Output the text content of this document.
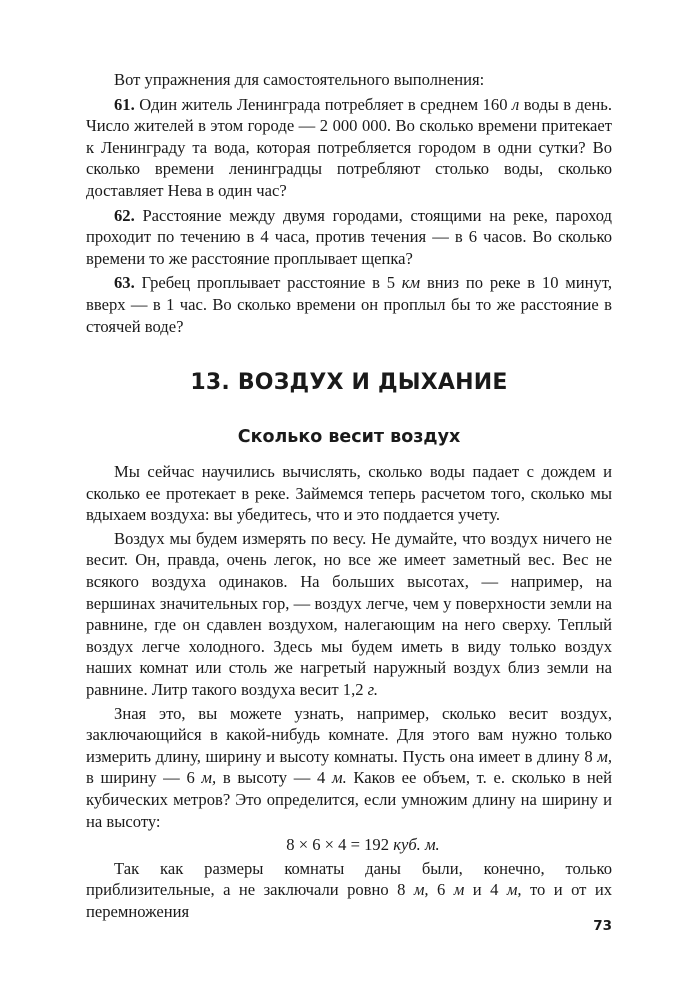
Вот упражнения для самостоятельного выполнения:

61. Один житель Ленинграда потребляет в среднем 160 л воды в день. Число жителей в этом городе — 2 000 000. Во сколько времени притекает к Ленинграду та вода, которая потребляется городом в одни сутки? Во сколько времени ленинградцы потребляют столько воды, сколько доставляет Нева в один час?

62. Расстояние между двумя городами, стоящими на реке, пароход проходит по течению в 4 часа, против течения — в 6 часов. Во сколько времени то же расстояние проплывает щепка?

63. Гребец проплывает расстояние в 5 км вниз по реке в 10 минут, вверх — в 1 час. Во сколько времени он проплыл бы то же расстояние в стоячей воде?

13. ВОЗДУХ И ДЫХАНИЕ
Сколько весит воздух

Мы сейчас научились вычислять, сколько воды падает с дождем и сколько ее протекает в реке. Займемся теперь расчетом того, сколько мы вдыхаем воздуха: вы убедитесь, что и это поддается учету.

Воздух мы будем измерять по весу. Не думайте, что воздух ничего не весит. Он, правда, очень легок, но все же имеет заметный вес. Вес не всякого воздуха одинаков. На больших высотах, — например, на вершинах значительных гор, — воздух легче, чем у поверхности земли на равнине, где он сдавлен воздухом, налегающим на него сверху. Теплый воздух легче холодного. Здесь мы будем иметь в виду только воздух наших комнат или столь же нагретый наружный воздух близ земли на равнине. Литр такого воздуха весит 1,2 г.

Зная это, вы можете узнать, например, сколько весит воздух, заключающийся в какой-нибудь комнате. Для этого вам нужно только измерить длину, ширину и высоту комнаты. Пусть она имеет в длину 8 м, в ширину — 6 м, в высоту — 4 м. Каков ее объем, т. е. сколько в ней кубических метров? Это определится, если умножим длину на ширину и на высоту:

8 × 6 × 4 = 192 куб. м.

Так как размеры комнаты даны были, конечно, только приблизительные, а не заключали ровно 8 м, 6 м и 4 м, то и от их перемножения

73
